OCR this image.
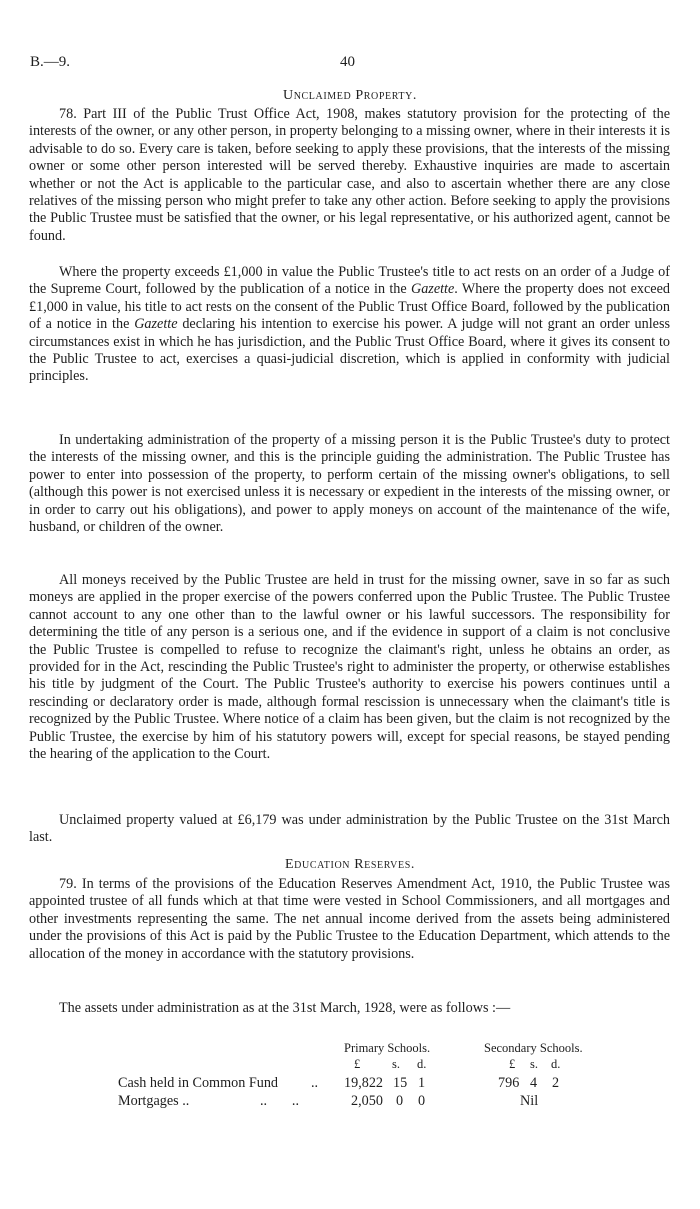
B.—9.	40
Unclaimed Property.

78. Part III of the Public Trust Office Act, 1908, makes statutory provision for the protecting of the interests of the owner, or any other person, in property belonging to a missing owner, where in their interests it is advisable to do so. Every care is taken, before seeking to apply these provisions, that the interests of the missing owner or some other person interested will be served thereby. Exhaustive inquiries are made to ascertain whether or not the Act is applicable to the particular case, and also to ascertain whether there are any close relatives of the missing person who might prefer to take any other action. Before seeking to apply the provisions the Public Trustee must be satisfied that the owner, or his legal representative, or his authorized agent, cannot be found.

Where the property exceeds £1,000 in value the Public Trustee's title to act rests on an order of a Judge of the Supreme Court, followed by the publication of a notice in the Gazette. Where the property does not exceed £1,000 in value, his title to act rests on the consent of the Public Trust Office Board, followed by the publication of a notice in the Gazette declaring his intention to exercise his power. A judge will not grant an order unless circumstances exist in which he has jurisdiction, and the Public Trust Office Board, where it gives its consent to the Public Trustee to act, exercises a quasi-judicial discretion, which is applied in conformity with judicial principles.

In undertaking administration of the property of a missing person it is the Public Trustee's duty to protect the interests of the missing owner, and this is the principle guiding the administration. The Public Trustee has power to enter into possession of the property, to perform certain of the missing owner's obligations, to sell (although this power is not exercised unless it is necessary or expedient in the interests of the missing owner, or in order to carry out his obligations), and power to apply moneys on account of the maintenance of the wife, husband, or children of the owner.

All moneys received by the Public Trustee are held in trust for the missing owner, save in so far as such moneys are applied in the proper exercise of the powers conferred upon the Public Trustee. The Public Trustee cannot account to any one other than to the lawful owner or his lawful successors. The responsibility for determining the title of any person is a serious one, and if the evidence in support of a claim is not conclusive the Public Trustee is compelled to refuse to recognize the claimant's right, unless he obtains an order, as provided for in the Act, rescinding the Public Trustee's right to administer the property, or otherwise establishes his title by judgment of the Court. The Public Trustee's authority to exercise his powers continues until a rescinding or declaratory order is made, although formal rescission is unnecessary when the claimant's title is recognized by the Public Trustee. Where notice of a claim has been given, but the claim is not recognized by the Public Trustee, the exercise by him of his statutory powers will, except for special reasons, be stayed pending the hearing of the application to the Court.

Unclaimed property valued at £6,179 was under administration by the Public Trustee on the 31st March last.

Education Reserves.

79. In terms of the provisions of the Education Reserves Amendment Act, 1910, the Public Trustee was appointed trustee of all funds which at that time were vested in School Commissioners, and all mortgages and other investments representing the same. The net annual income derived from the assets being administered under the provisions of this Act is paid by the Public Trustee to the Education Department, which attends to the allocation of the money in accordance with the statutory provisions.

The assets under administration as at the 31st March, 1928, were as follows :—

Primary Schools.	Secondary Schools.
£	s. d.	£ s. d.
Cash held in Common Fund .. 19,822 15 1	796 4 2
Mortgages ..	..       ..	2,050 0 0	Nil
